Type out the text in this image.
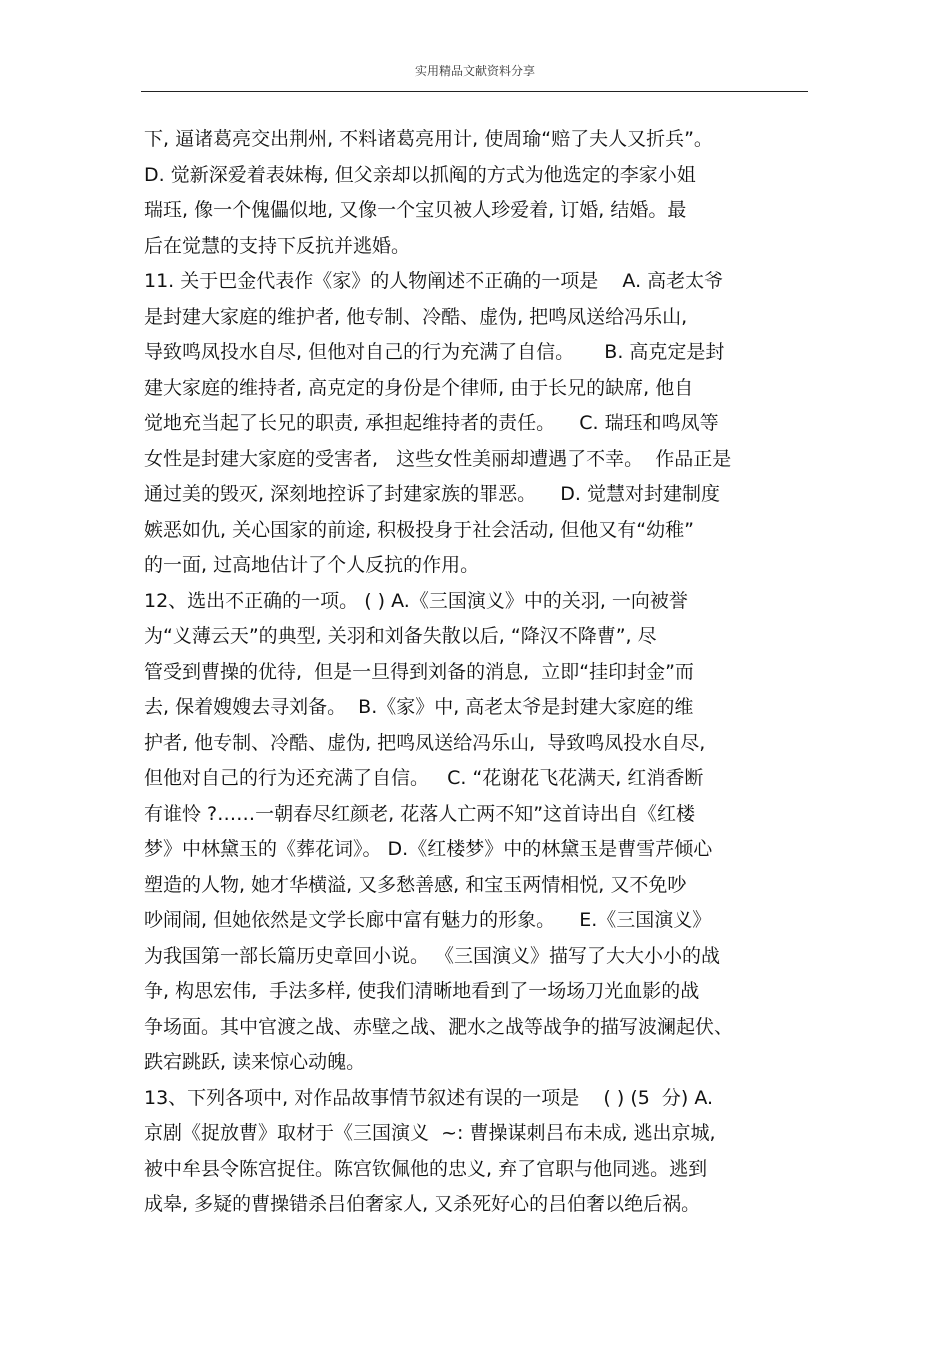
实用精品文献资料分享
下, 逼诸葛亮交出荆州, 不料诸葛亮用计, 使周瑜“赔了夫人又折兵”。
D. 觉新深爱着表妹梅, 但父亲却以抓阄的方式为他选定的李家小姐
瑞珏, 像一个傀儡似地, 又像一个宝贝被人珍爱着, 订婚, 结婚。最
后在觉慧的支持下反抗并逃婚。
11. 关于巴金代表作《家》的人物阐述不正确的一项是    A. 高老太爷
是封建大家庭的维护者, 他专制、冷酷、虚伪, 把鸣凤送给冯乐山,
导致鸣凤投水自尽, 但他对自己的行为充满了自信。     B. 高克定是封
建大家庭的维持者, 高克定的身份是个律师, 由于长兄的缺席, 他自
觉地充当起了长兄的职责, 承担起维持者的责任。    C. 瑞珏和鸣凤等
女性是封建大家庭的受害者,   这些女性美丽却遭遇了不幸。  作品正是
通过美的毁灭, 深刻地控诉了封建家族的罪恶。    D. 觉慧对封建制度
嫉恶如仇, 关心国家的前途, 积极投身于社会活动, 但他又有“幼稚”
的一面, 过高地估计了个人反抗的作用。
12、选出不正确的一项。 ( ) A.《三国演义》中的关羽, 一向被誉
为“义薄云天”的典型, 关羽和刘备失散以后, “降汉不降曹”, 尽
管受到曹操的优待,  但是一旦得到刘备的消息,  立即“挂印封金”而
去, 保着嫂嫂去寻刘备。  B.《家》中, 高老太爷是封建大家庭的维
护者, 他专制、冷酷、虚伪, 把鸣凤送给冯乐山,  导致鸣凤投水自尽,
但他对自己的行为还充满了自信。   C. “花谢花飞花满天, 红消香断
有谁怜 ?……一朝春尽红颜老, 花落人亡两不知”这首诗出自《红楼
梦》中林黛玉的《葬花词》。 D.《红楼梦》中的林黛玉是曹雪芹倾心
塑造的人物, 她才华横溢, 又多愁善感, 和宝玉两情相悦, 又不免吵
吵闹闹, 但她依然是文学长廊中富有魅力的形象。    E.《三国演义》
为我国第一部长篇历史章回小说。 《三国演义》描写了大大小小的战
争, 构思宏伟,  手法多样, 使我们清晰地看到了一场场刀光血影的战
争场面。其中官渡之战、赤壁之战、淝水之战等战争的描写波澜起伏、
跌宕跳跃, 读来惊心动魄。
13、下列各项中, 对作品故事情节叙述有误的一项是    ( ) (5  分) A.
京剧《捉放曹》取材于《三国演义  ~: 曹操谋刺吕布未成, 逃出京城,
被中牟县令陈宫捉住。陈宫钦佩他的忠义, 弃了官职与他同逃。逃到
成皋, 多疑的曹操错杀吕伯奢家人, 又杀死好心的吕伯奢以绝后祸。
